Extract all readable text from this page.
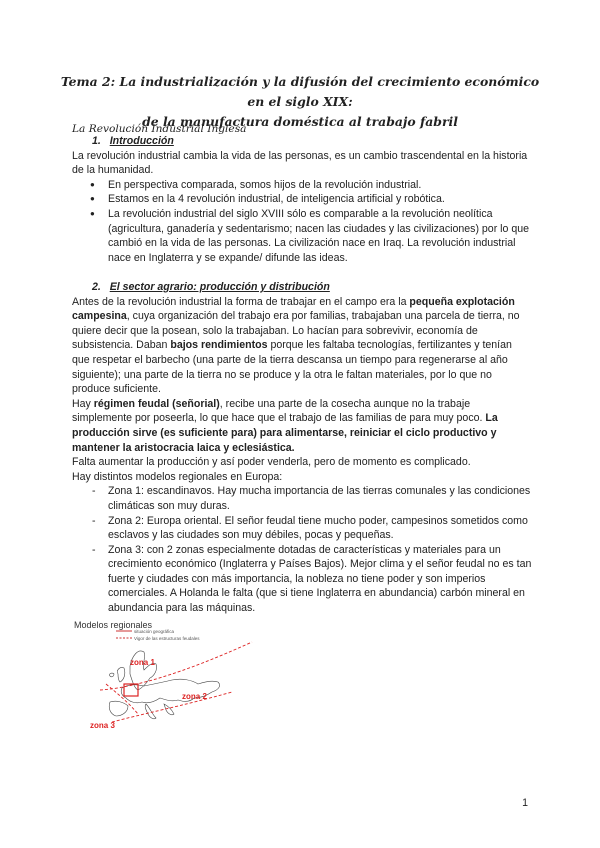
Tema 2: La industrialización y la difusión del crecimiento económico en el siglo XIX:
de la manufactura doméstica al trabajo fabril
La Revolución Industrial Inglesa
1. Introducción

La revolución industrial cambia la vida de las personas, es un cambio trascendental en la historia de la humanidad.

● En perspectiva comparada, somos hijos de la revolución industrial.
● Estamos en la 4 revolución industrial, de inteligencia artificial y robótica.
● La revolución industrial del siglo XVIII sólo es comparable a la revolución neolítica (agricultura, ganadería y sedentarismo; nacen las ciudades y las civilizaciones) por lo que cambió en la vida de las personas. La civilización nace en Iraq. La revolución industrial nace en Inglaterra y se expande/ difunde las ideas.
2. El sector agrario: producción y distribución

Antes de la revolución industrial la forma de trabajar en el campo era la pequeña explotación campesina, cuya organización del trabajo era por familias, trabajaban una parcela de tierra, no quiere decir que la posean, solo la trabajaban. Lo hacían para sobrevivir, economía de subsistencia. Daban bajos rendimientos porque les faltaba tecnologías, fertilizantes y tenían que respetar el barbecho (una parte de la tierra descansa un tiempo para regenerarse al año siguiente); una parte de la tierra no se produce y la otra le faltan materiales, por lo que no produce suficiente.

Hay régimen feudal (señorial), recibe una parte de la cosecha aunque no la trabaje simplemente por poseerla, lo que hace que el trabajo de las familias de para muy poco. La producción sirve (es suficiente para) para alimentarse, reiniciar el ciclo productivo y mantener la aristocracia laica y eclesiástica.

Falta aumentar la producción y así poder venderla, pero de momento es complicado.

Hay distintos modelos regionales en Europa:

- Zona 1: escandinavos. Hay mucha importancia de las tierras comunales y las condiciones climáticas son muy duras.
- Zona 2: Europa oriental. El señor feudal tiene mucho poder, campesinos sometidos como esclavos y las ciudades son muy débiles, pocas y pequeñas.
- Zona 3: con 2 zonas especialmente dotadas de características y materiales para un crecimiento económico (Inglaterra y Países Bajos). Mejor clima y el señor feudal no es tan fuerte y ciudades con más importancia, la nobleza no tiene poder y son imperios comerciales. A Holanda le falta (que si tiene Inglaterra en abundancia) carbón mineral en abundancia para las máquinas.
Modelos regionales
situación geográfica
Vigor de las estructuras feudales
zona 1
zona 2
zona 3
1
